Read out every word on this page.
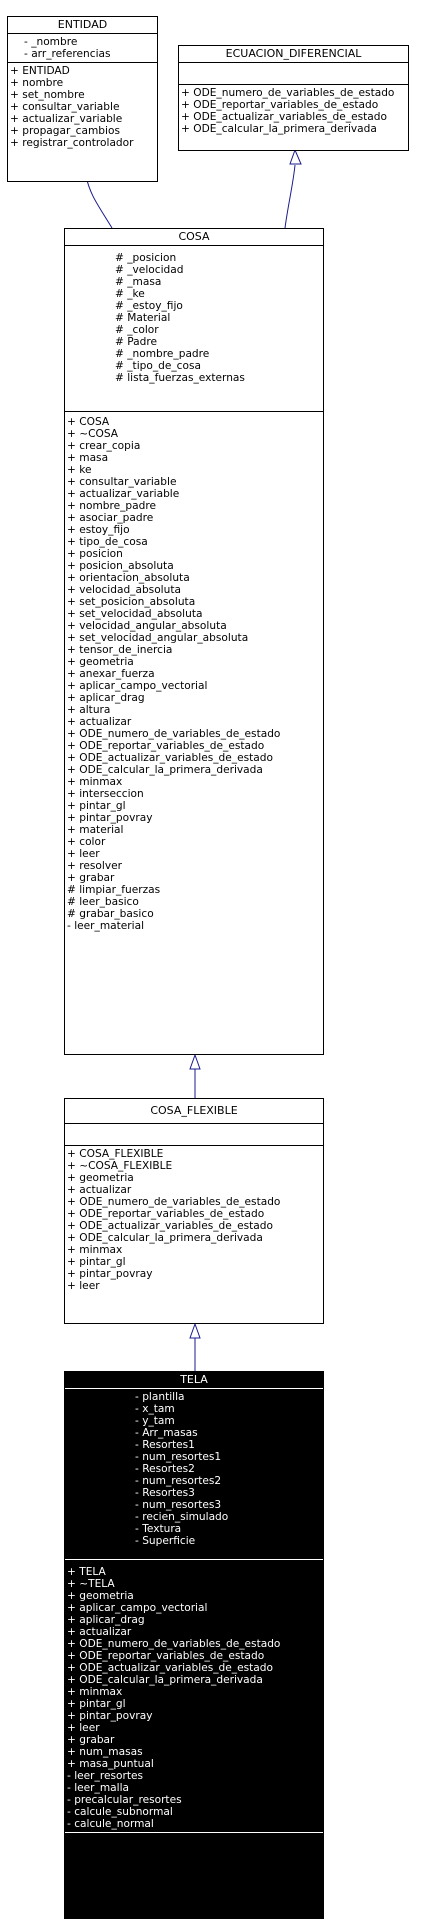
ENTIDAD
- _nombre
- arr_referencias
+ ENTIDAD
+ nombre
+ set_nombre
+ consultar_variable
+ actualizar_variable
+ propagar_cambios
+ registrar_controlador
ECUACION_DIFERENCIAL
+ ODE_numero_de_variables_de_estado
+ ODE_reportar_variables_de_estado
+ ODE_actualizar_variables_de_estado
+ ODE_calcular_la_primera_derivada
COSA
# _posicion
# _velocidad
# _masa
# _ke
# _estoy_fijo
# Material
# _color
# Padre
# _nombre_padre
# _tipo_de_cosa
# lista_fuerzas_externas
+ COSA
+ ~COSA
+ crear_copia
+ masa
+ ke
+ consultar_variable
+ actualizar_variable
+ nombre_padre
+ asociar_padre
+ estoy_fijo
+ tipo_de_cosa
+ posicion
+ posicion_absoluta
+ orientacion_absoluta
+ velocidad_absoluta
+ set_posicion_absoluta
+ set_velocidad_absoluta
+ velocidad_angular_absoluta
+ set_velocidad_angular_absoluta
+ tensor_de_inercia
+ geometria
+ anexar_fuerza
+ aplicar_campo_vectorial
+ aplicar_drag
+ altura
+ actualizar
+ ODE_numero_de_variables_de_estado
+ ODE_reportar_variables_de_estado
+ ODE_actualizar_variables_de_estado
+ ODE_calcular_la_primera_derivada
+ minmax
+ interseccion
+ pintar_gl
+ pintar_povray
+ material
+ color
+ leer
+ resolver
+ grabar
# limpiar_fuerzas
# leer_basico
# grabar_basico
- leer_material
COSA_FLEXIBLE
+ COSA_FLEXIBLE
+ ~COSA_FLEXIBLE
+ geometria
+ actualizar
+ ODE_numero_de_variables_de_estado
+ ODE_reportar_variables_de_estado
+ ODE_actualizar_variables_de_estado
+ ODE_calcular_la_primera_derivada
+ minmax
+ pintar_gl
+ pintar_povray
+ leer
TELA
- plantilla
- x_tam
- y_tam
- Arr_masas
- Resortes1
- num_resortes1
- Resortes2
- num_resortes2
- Resortes3
- num_resortes3
- recien_simulado
- Textura
- Superficie
+ TELA
+ ~TELA
+ geometria
+ aplicar_campo_vectorial
+ aplicar_drag
+ actualizar
+ ODE_numero_de_variables_de_estado
+ ODE_reportar_variables_de_estado
+ ODE_actualizar_variables_de_estado
+ ODE_calcular_la_primera_derivada
+ minmax
+ pintar_gl
+ pintar_povray
+ leer
+ grabar
+ num_masas
+ masa_puntual
- leer_resortes
- leer_malla
- precalcular_resortes
- calcule_subnormal
- calcule_normal
